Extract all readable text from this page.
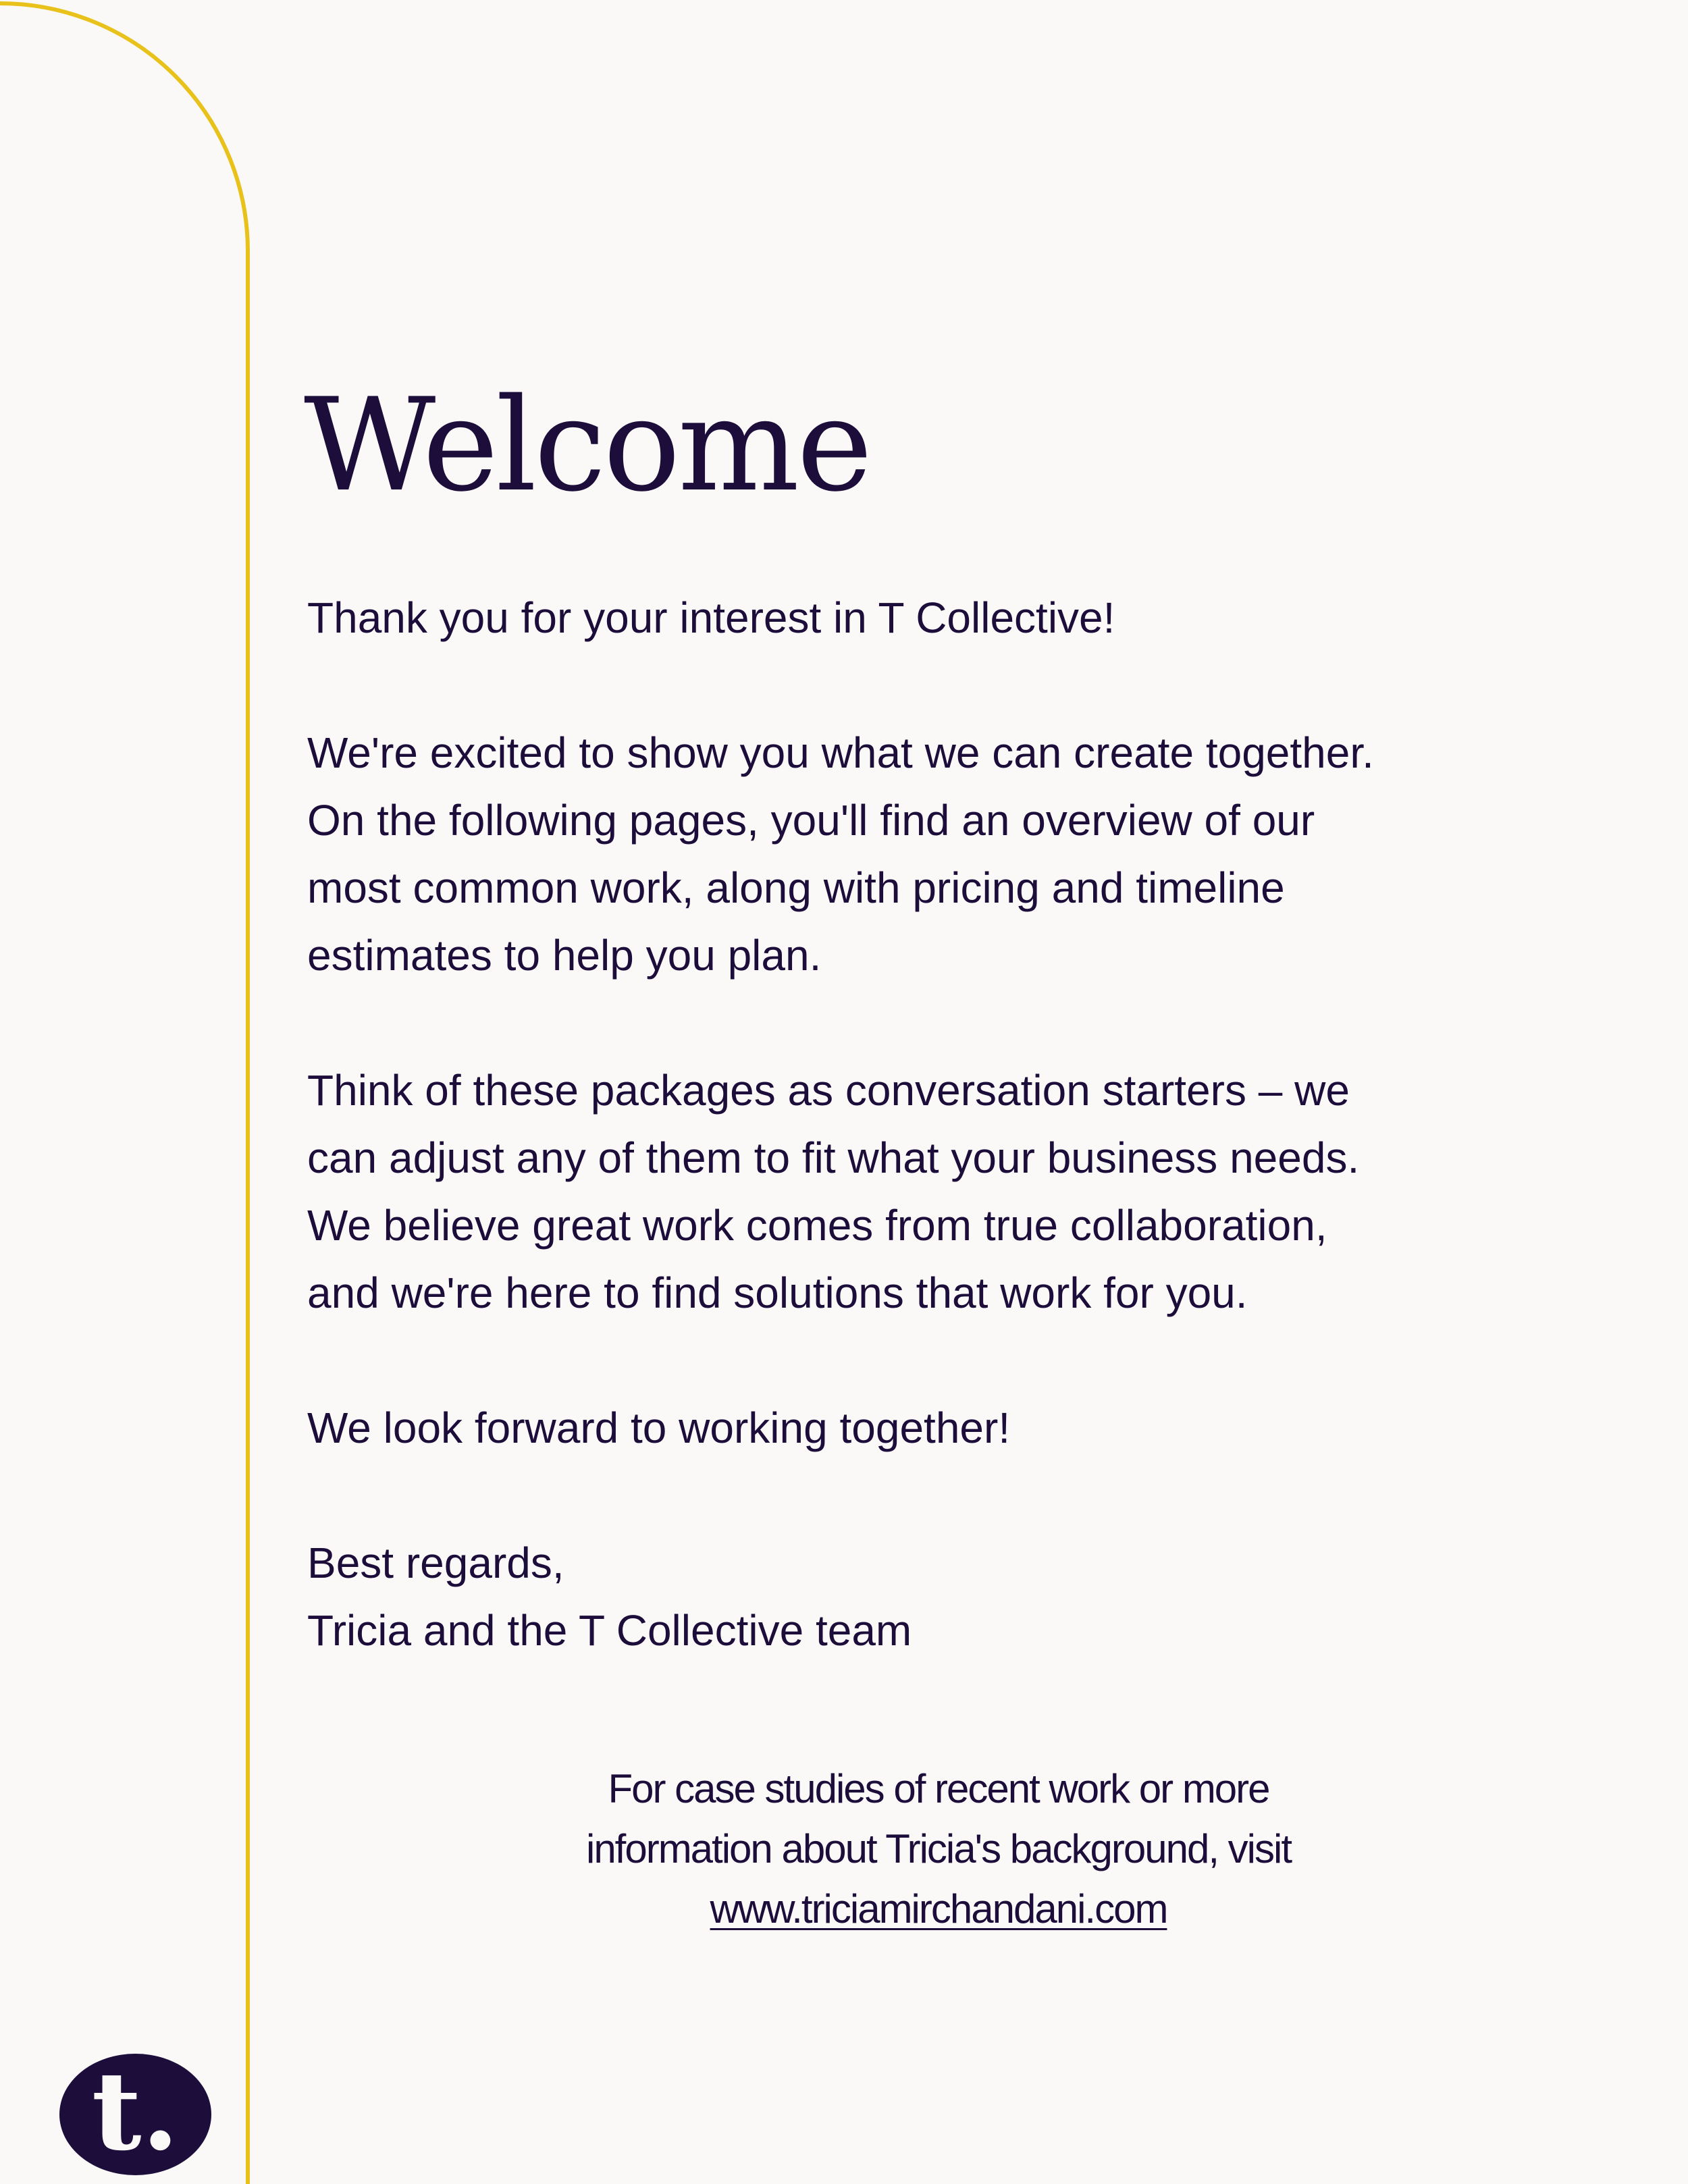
Welcome
Thank you for your interest in T Collective!
We're excited to show you what we can create together.
On the following pages, you'll find an overview of our
most common work, along with pricing and timeline
estimates to help you plan.
Think of these packages as conversation starters – we
can adjust any of them to fit what your business needs.
We believe great work comes from true collaboration,
and we're here to find solutions that work for you.
We look forward to working together!
Best regards,
Tricia and the T Collective team
For case studies of recent work or more
information about Tricia's background, visit
www.triciamirchandani.com
t.
